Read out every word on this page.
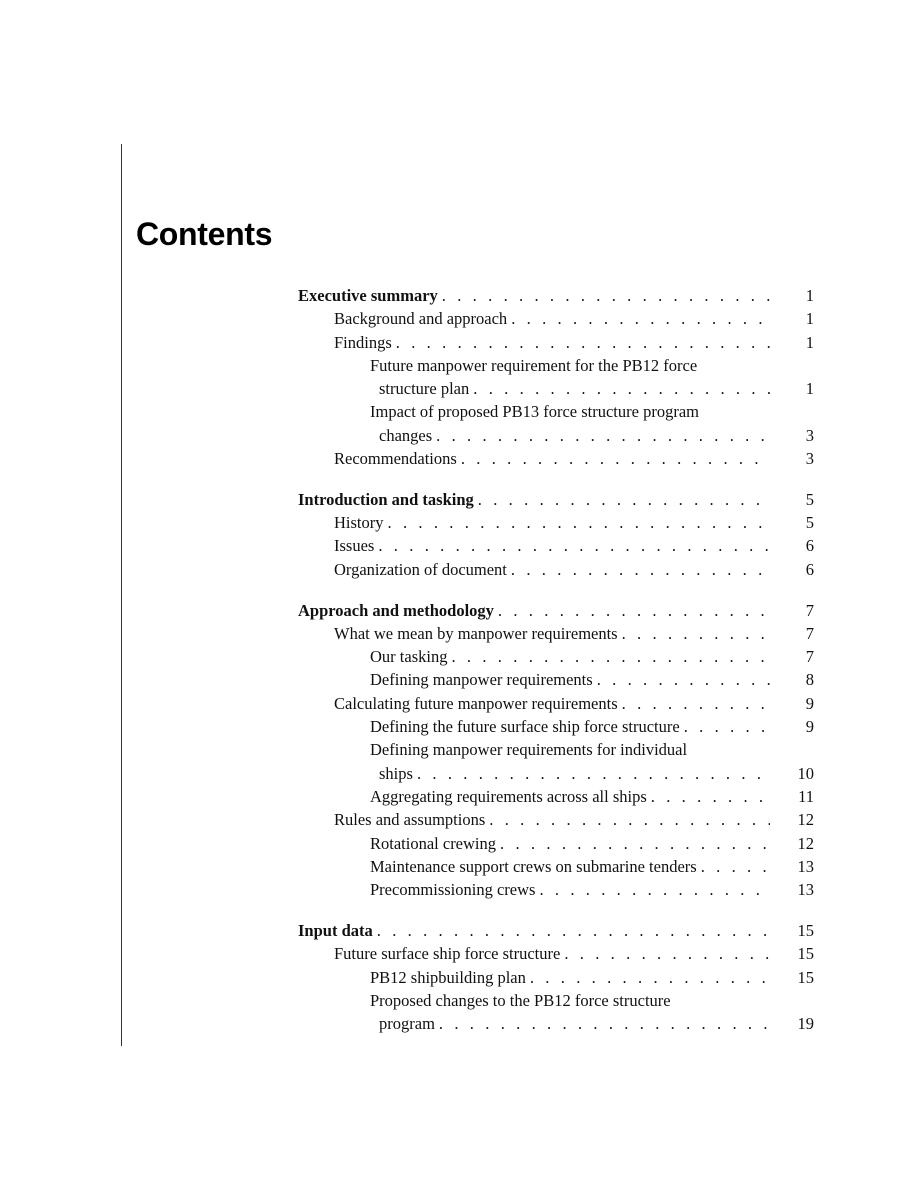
Contents
Executive summary . . .	1
Background and approach . . .	1
Findings . . .	1
Future manpower requirement for the PB12 force
structure plan . . .	1
Impact of proposed PB13 force structure program
changes . . .	3
Recommendations . . .	3
Introduction and tasking . . .	5
History . . .	5
Issues . . .	6
Organization of document . . .	6
Approach and methodology . . .	7
What we mean by manpower requirements . . .	7
Our tasking . . .	7
Defining manpower requirements . . .	8
Calculating future manpower requirements . . .	9
Defining the future surface ship force structure . . .	9
Defining manpower requirements for individual
ships . . .	10
Aggregating requirements across all ships . . .	11
Rules and assumptions . . .	12
Rotational crewing . . .	12
Maintenance support crews on submarine tenders . . .	13
Precommissioning crews . . .	13
Input data . . .	15
Future surface ship force structure . . .	15
PB12 shipbuilding plan . . .	15
Proposed changes to the PB12 force structure
program . . .	19
